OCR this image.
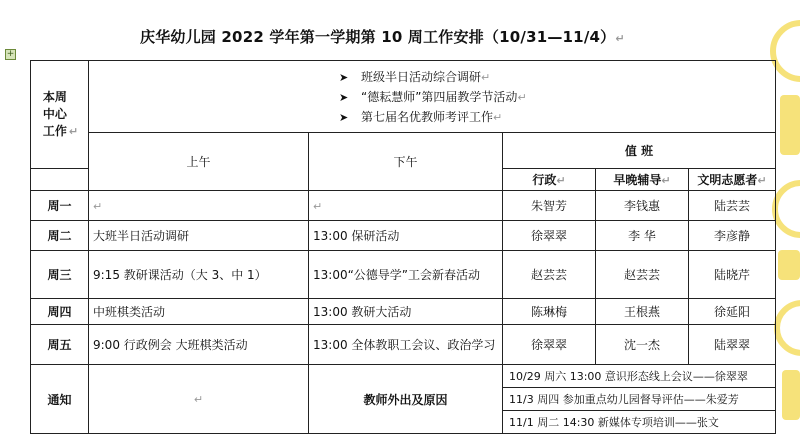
庆华幼儿园 2022 学年第一学期第 10 周工作安排（10/31—11/4）↵
+
本周中心工作 ↵	➤ 班级半日活动综合调研↵
➤ “德耘慧师”第四届教学节活动↵
➤ 第七届名优教师考评工作↵				

	上午	下午	值 班		
			行政↵	早晚辅导↵	文明志愿者↵
周一	↵	↵	朱智芳	李钱惠	陆芸芸
周二	大班半日活动调研	13:00 保研活动	徐翠翠	李 华	李彦静
周三	9:15 教研课活动（大 3、中 1）	13:00“公德导学”工会新春活动	赵芸芸	赵芸芸	陆晓芹
周四	中班棋类活动	13:00 教研大活动	陈琳梅	王根燕	徐延阳
周五	9:00 行政例会 大班棋类活动	13:00 全体教职工会议、政治学习	徐翠翠	沈一杰	陆翠翠
通知	↵	教师外出及原因	10/29 周六 13:00 意识形态线上会议——徐翠翠
11/3 周四 参加重点幼儿园督导评估——朱爱芳
11/1 周二 14:30 新媒体专项培训——张文		
